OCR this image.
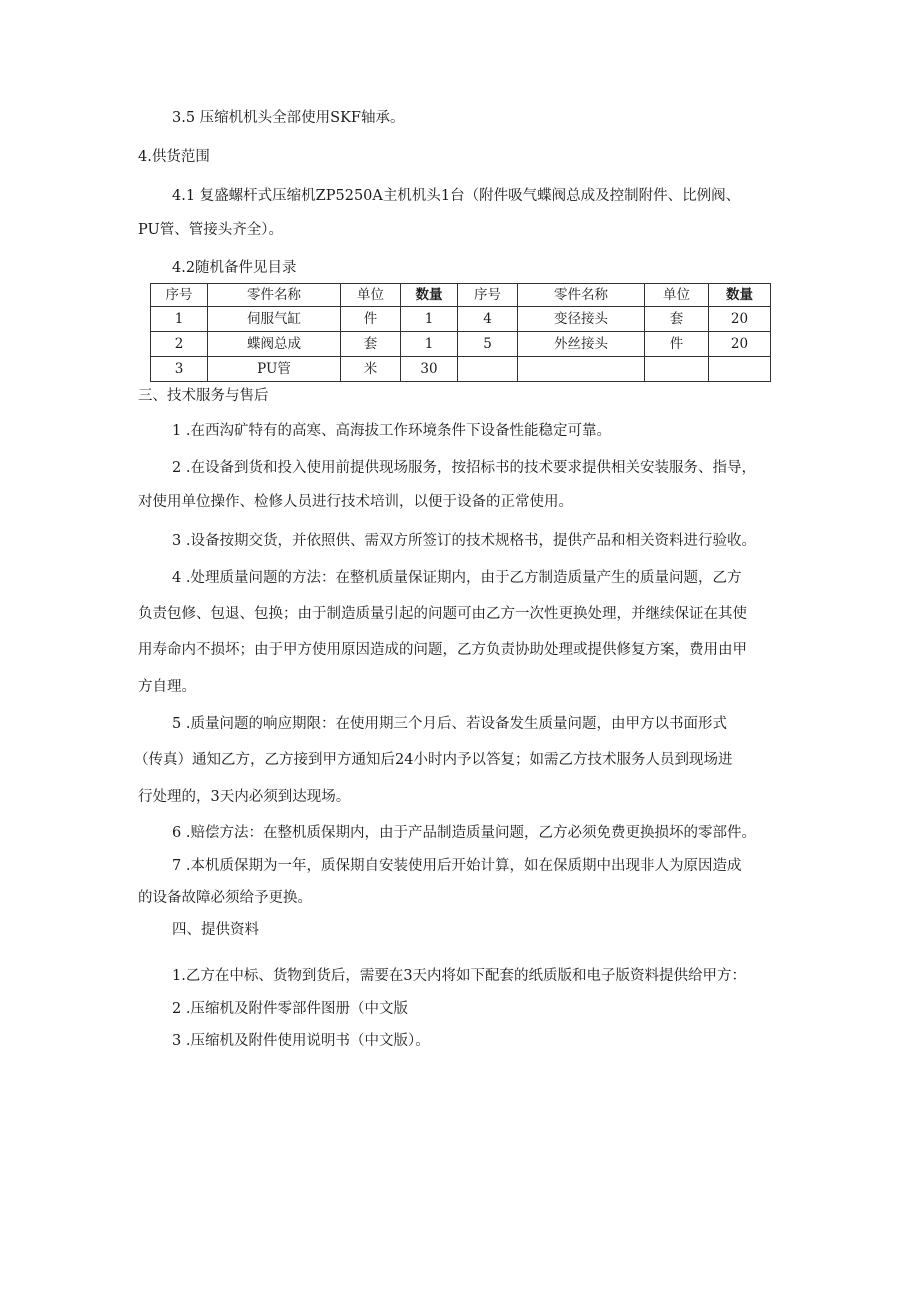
3.5 压缩机机头全部使用SKF轴承。
4.供货范围
4.1 复盛螺杆式压缩机ZP5250A主机机头1台（附件吸气蝶阀总成及控制附件、比例阀、
PU管、管接头齐全）。
4.2随机备件见目录
序号	零件名称	单位	数量	序号	零件名称	单位	数量
1	伺服气缸	件	1	4	变径接头	套	20
2	蝶阀总成	套	1	5	外丝接头	件	20
3	PU管	米	30				
三、技术服务与售后
1 .在西沟矿特有的高寒、高海拔工作环境条件下设备性能稳定可靠。
2 .在设备到货和投入使用前提供现场服务，按招标书的技术要求提供相关安装服务、指导，
对使用单位操作、检修人员进行技术培训，以便于设备的正常使用。
3 .设备按期交货，并依照供、需双方所签订的技术规格书，提供产品和相关资料进行验收。
4 .处理质量问题的方法：在整机质量保证期内，由于乙方制造质量产生的质量问题，乙方
负责包修、包退、包换；由于制造质量引起的问题可由乙方一次性更换处理，并继续保证在其使
用寿命内不损坏；由于甲方使用原因造成的问题，乙方负责协助处理或提供修复方案，费用由甲
方自理。
5 .质量问题的响应期限：在使用期三个月后、若设备发生质量问题，由甲方以书面形式
（传真）通知乙方，乙方接到甲方通知后24小时内予以答复；如需乙方技术服务人员到现场进
行处理的，3天内必须到达现场。
6 .赔偿方法：在整机质保期内，由于产品制造质量问题，乙方必须免费更换损坏的零部件。
7 .本机质保期为一年，质保期自安装使用后开始计算，如在保质期中出现非人为原因造成
的设备故障必须给予更换。
四、提供资料
1.乙方在中标、货物到货后，需要在3天内将如下配套的纸质版和电子版资料提供给甲方：
2 .压缩机及附件零部件图册（中文版
3 .压缩机及附件使用说明书（中文版）。
